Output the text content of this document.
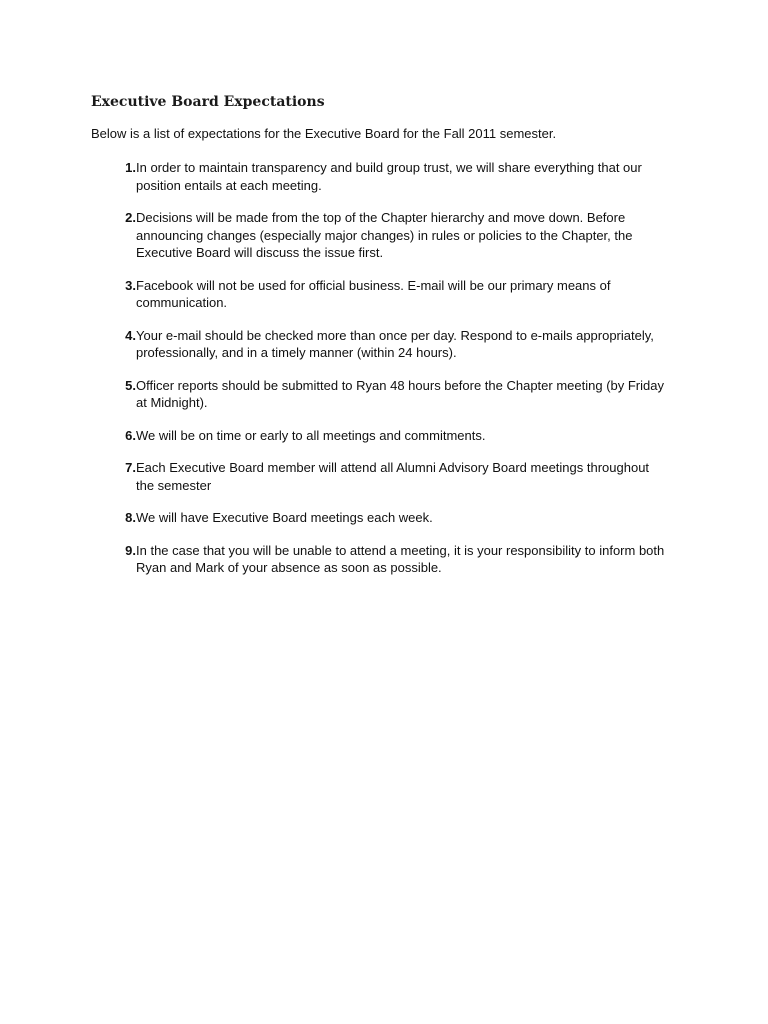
Executive Board Expectations

Below is a list of expectations for the Executive Board for the Fall 2011 semester.

1. In order to maintain transparency and build group trust, we will share everything that our position entails at each meeting.
2. Decisions will be made from the top of the Chapter hierarchy and move down. Before announcing changes (especially major changes) in rules or policies to the Chapter, the Executive Board will discuss the issue first.
3. Facebook will not be used for official business. E-mail will be our primary means of communication.
4. Your e-mail should be checked more than once per day. Respond to e-mails appropriately, professionally, and in a timely manner (within 24 hours).
5. Officer reports should be submitted to Ryan 48 hours before the Chapter meeting (by Friday at Midnight).
6. We will be on time or early to all meetings and commitments.
7. Each Executive Board member will attend all Alumni Advisory Board meetings throughout the semester
8. We will have Executive Board meetings each week.
9. In the case that you will be unable to attend a meeting, it is your responsibility to inform both Ryan and Mark of your absence as soon as possible.
